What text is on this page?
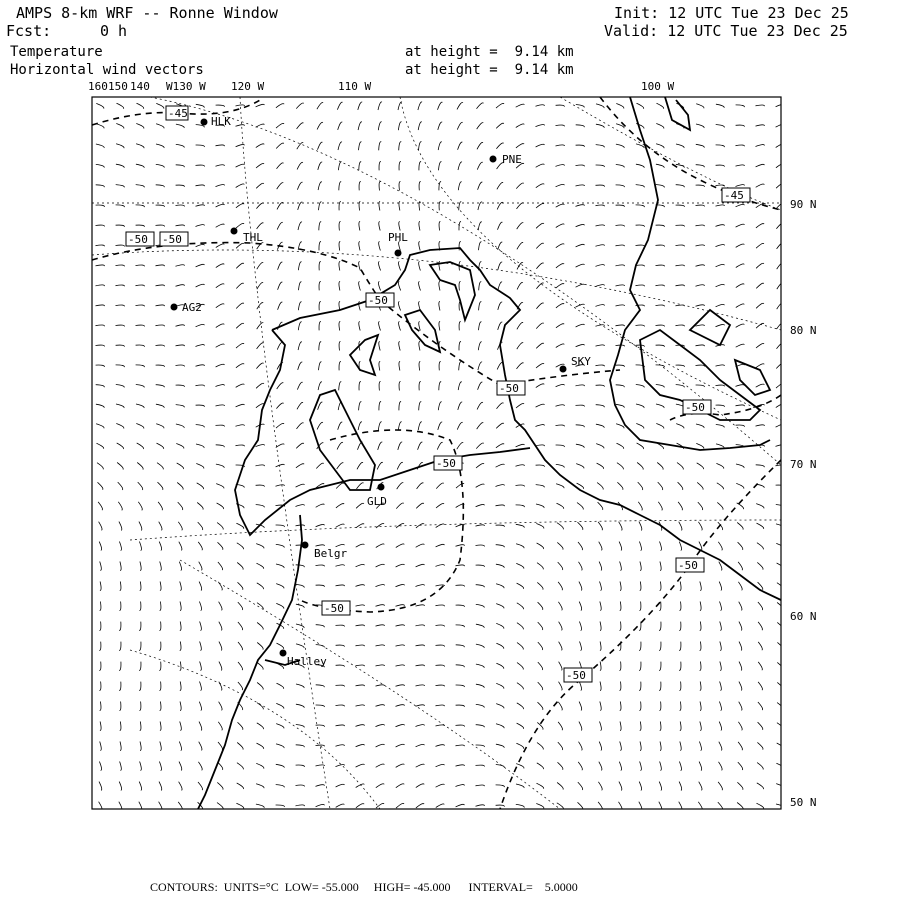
AMPS 8-km WRF -- Ronne Window
Fcst:	0 h
Init: 12 UTC Tue 23 Dec 25
Valid: 12 UTC Tue 23 Dec 25
Temperature
Horizontal wind vectors
at height =  9.14 km
at height =  9.14 km
-45
-50 -50
-50
-50
-50
-50
-50
-50
-50
-45
HLK
PNE
THL	PHL
AG2
SKY
GLD
Belgr
Halley
160 150 140 W130 W 120 W	110 W	100 W
90 N
80 N
70 N
60 N
50 N
CONTOURS:  UNITS=°C  LOW= -55.000     HIGH= -45.000      INTERVAL=    5.0000
